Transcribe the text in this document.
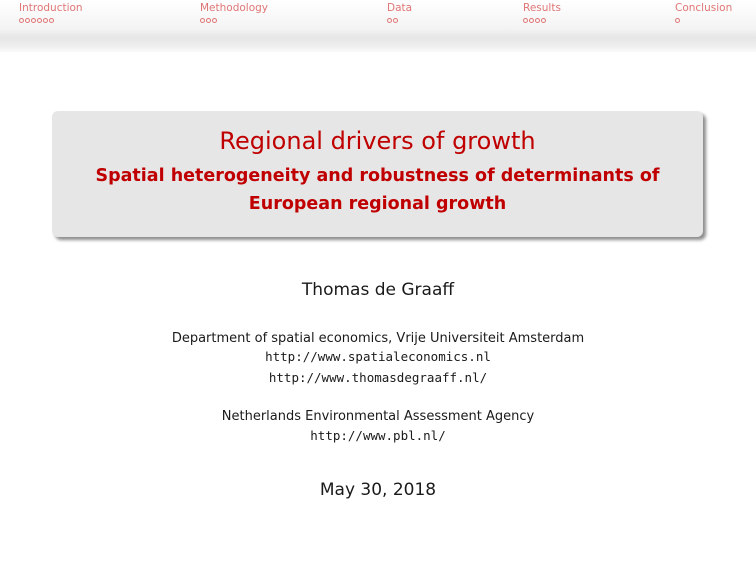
Introduction	Methodology	Data	Results	Conclusion
Regional drivers of growth
Spatial heterogeneity and robustness of determinants of European regional growth
Thomas de Graaff
Department of spatial economics, Vrije Universiteit Amsterdam
http://www.spatialeconomics.nl
http://www.thomasdegraaff.nl/
Netherlands Environmental Assessment Agency
http://www.pbl.nl/
May 30, 2018
